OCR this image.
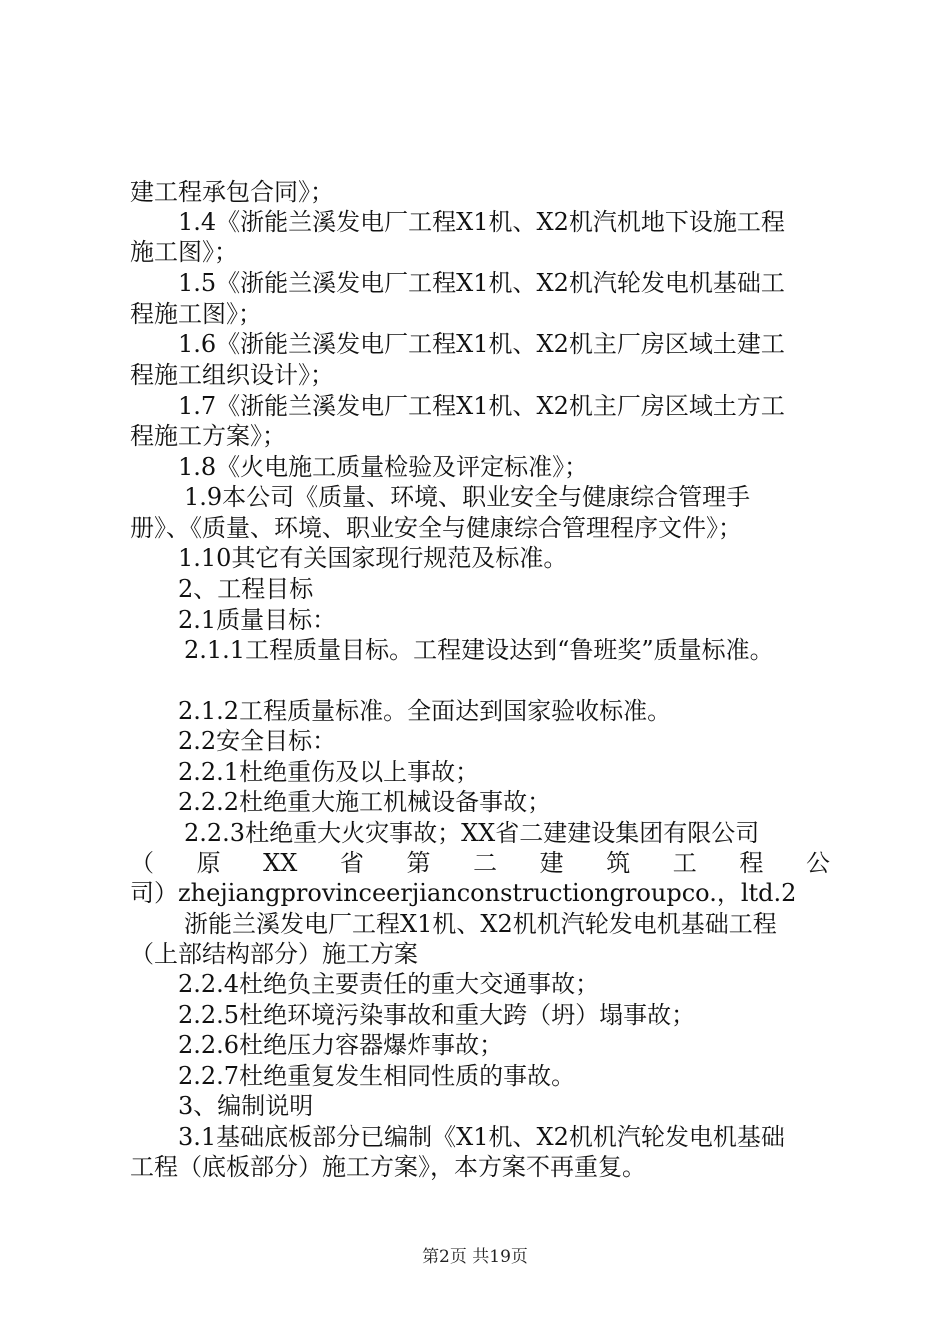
建工程承包合同》；
1.4《浙能兰溪发电厂工程X1机、X2机汽机地下设施工程
施工图》；
1.5《浙能兰溪发电厂工程X1机、X2机汽轮发电机基础工
程施工图》；
1.6《浙能兰溪发电厂工程X1机、X2机主厂房区域土建工
程施工组织设计》；
1.7《浙能兰溪发电厂工程X1机、X2机主厂房区域土方工
程施工方案》；
1.8《火电施工质量检验及评定标准》；
1.9本公司《质量、环境、职业安全与健康综合管理手
册》、《质量、环境、职业安全与健康综合管理程序文件》；
1.10其它有关国家现行规范及标准。
2、工程目标
2.1质量目标：
2.1.1工程质量目标。工程建设达到“鲁班奖”质量标准。
2.1.2工程质量标准。全面达到国家验收标准。
2.2安全目标：
2.2.1杜绝重伤及以上事故；
2.2.2杜绝重大施工机械设备事故；
2.2.3杜绝重大火灾事故；XX省二建建设集团有限公司
（ 原 XX 省 第 二 建 筑 工 程 公
司）zhejiangprovinceerjianconstructiongroupco.，ltd.2
浙能兰溪发电厂工程X1机、X2机机汽轮发电机基础工程
（上部结构部分）施工方案
2.2.4杜绝负主要责任的重大交通事故；
2.2.5杜绝环境污染事故和重大跨（坍）塌事故；
2.2.6杜绝压力容器爆炸事故；
2.2.7杜绝重复发生相同性质的事故。
3、编制说明
3.1基础底板部分已编制《X1机、X2机机汽轮发电机基础
工程（底板部分）施工方案》，本方案不再重复。
第2页 共19页
